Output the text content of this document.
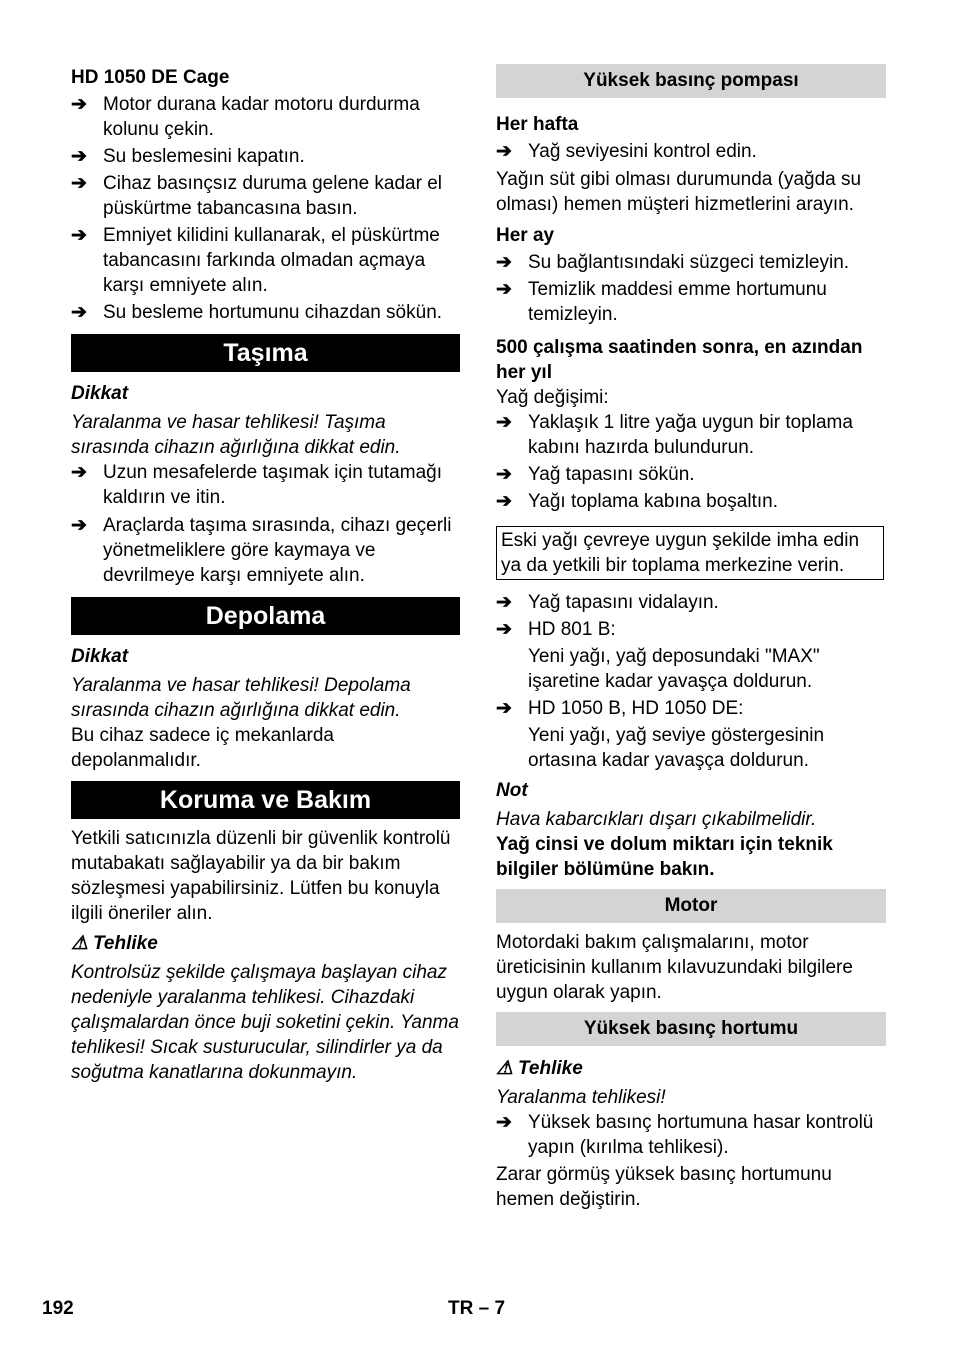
HD 1050 DE Cage

➔ Motor durana kadar motoru durdurma kolunu çekin.

➔ Su beslemesini kapatın.

➔ Cihaz basınçsız duruma gelene kadar el püskürtme tabancasına basın.

➔ Emniyet kilidini kullanarak, el püskürtme tabancasını farkında olmadan açmaya karşı emniyete alın.

➔ Su besleme hortumunu cihazdan sökün.

Taşıma

Dikkat

Yaralanma ve hasar tehlikesi! Taşıma sırasında cihazın ağırlığına dikkat edin.

➔ Uzun mesafelerde taşımak için tutamağı kaldırın ve itin.

➔ Araçlarda taşıma sırasında, cihazı geçerli yönetmeliklere göre kaymaya ve devrilmeye karşı emniyete alın.

Depolama

Dikkat

Yaralanma ve hasar tehlikesi! Depolama sırasında cihazın ağırlığına dikkat edin.

Bu cihaz sadece iç mekanlarda depolanmalıdır.

Koruma ve Bakım

Yetkili satıcınızla düzenli bir güvenlik kontrolü mutabakatı sağlayabilir ya da bir bakım sözleşmesi yapabilirsiniz. Lütfen bu konuyla ilgili öneriler alın.

⚠ Tehlike

Kontrolsüz şekilde çalışmaya başlayan cihaz nedeniyle yaralanma tehlikesi. Cihazdaki çalışmalardan önce buji soketini çekin. Yanma tehlikesi! Sıcak susturucular, silindirler ya da soğutma kanatlarına dokunmayın.

Yüksek basınç pompası

Her hafta

➔ Yağ seviyesini kontrol edin.

Yağın süt gibi olması durumunda (yağda su olması) hemen müşteri hizmetlerini arayın.

Her ay

➔ Su bağlantısındaki süzgeci temizleyin.

➔ Temizlik maddesi emme hortumunu temizleyin.

500 çalışma saatinden sonra, en azından her yıl

Yağ değişimi:

➔ Yaklaşık 1 litre yağa uygun bir toplama kabını hazırda bulundurun.

➔ Yağ tapasını sökün.

➔ Yağı toplama kabına boşaltın.

Eski yağı çevreye uygun şekilde imha edin ya da yetkili bir toplama merkezine verin.

➔ Yağ tapasını vidalayın.

➔ HD 801 B:

Yeni yağı, yağ deposundaki "MAX" işaretine kadar yavaşça doldurun.

➔ HD 1050 B, HD 1050 DE:

Yeni yağı, yağ seviye göstergesinin ortasına kadar yavaşça doldurun.

Not

Hava kabarcıkları dışarı çıkabilmelidir.

Yağ cinsi ve dolum miktarı için teknik bilgiler bölümüne bakın.

Motor

Motordaki bakım çalışmalarını, motor üreticisinin kullanım kılavuzundaki bilgilere uygun olarak yapın.

Yüksek basınç hortumu

⚠ Tehlike

Yaralanma tehlikesi!

➔ Yüksek basınç hortumuna hasar kontrolü yapın (kırılma tehlikesi).

Zarar görmüş yüksek basınç hortumunu hemen değiştirin.

192	TR – 7
